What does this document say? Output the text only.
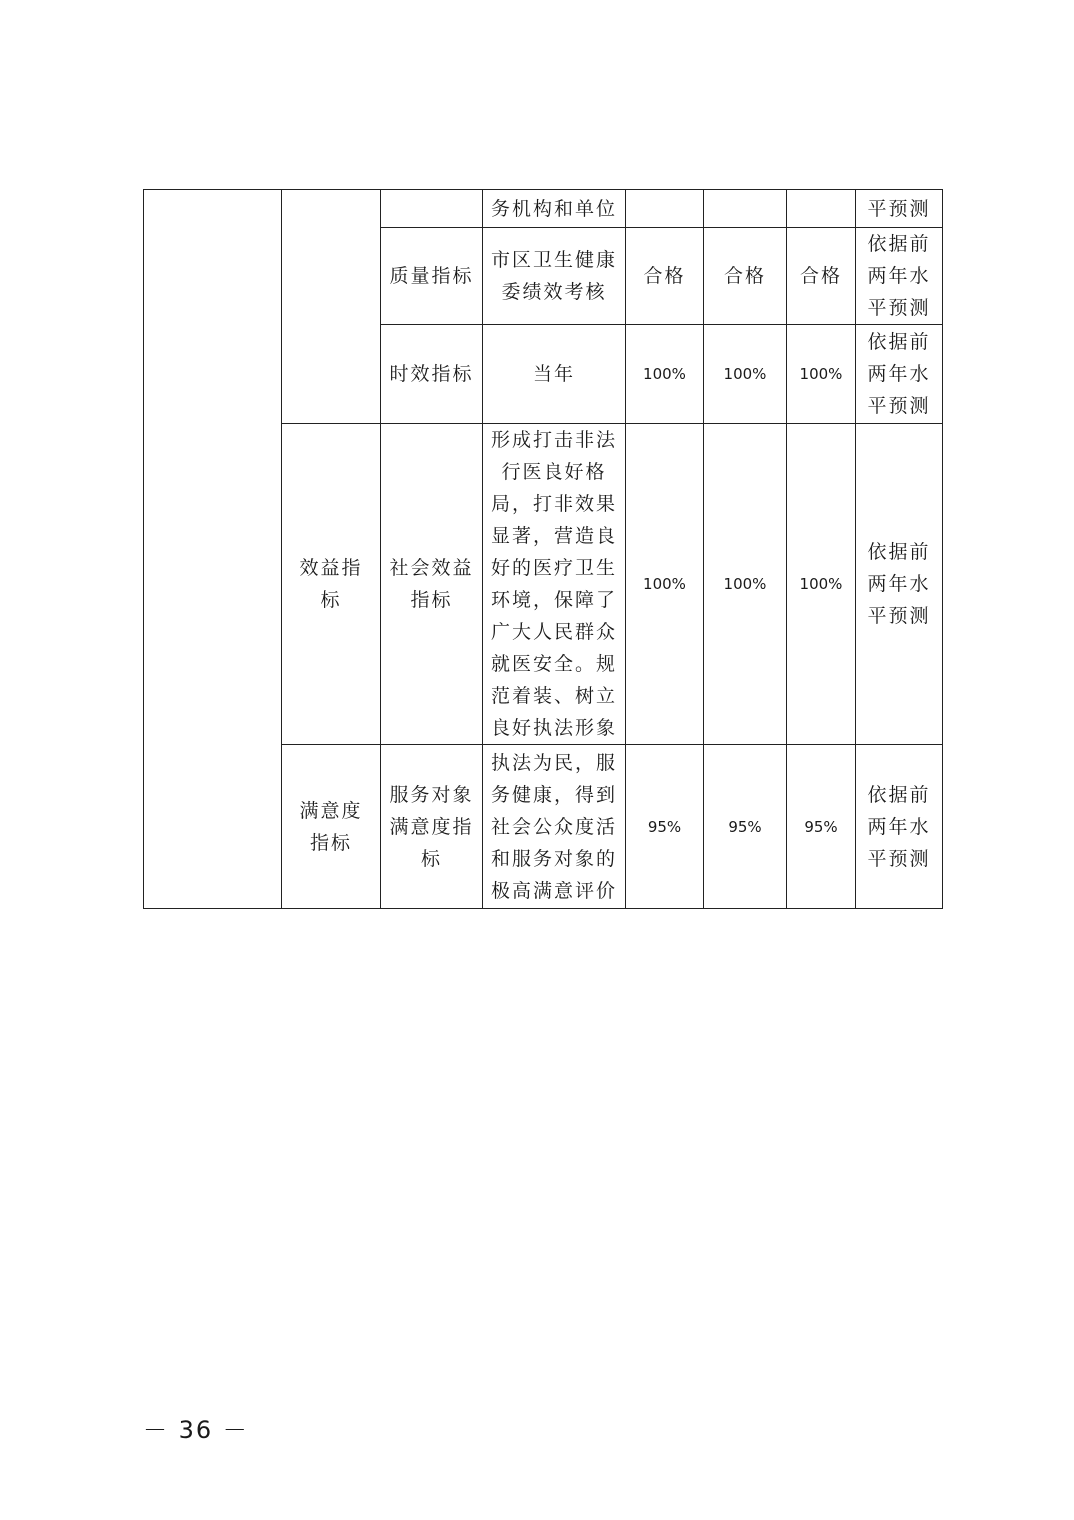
			务机构和单位				平预测
		质量指标	市区卫生健康委绩效考核	合格	合格	合格	依据前两年水平预测
		时效指标	当年	100%	100%	100%	依据前两年水平预测
	效益指标	社会效益指标	形成打击非法行医良好格局，打非效果显著，营造良好的医疗卫生环境，保障了广大人民群众就医安全。规范着装、树立良好执法形象	100%	100%	100%	依据前两年水平预测
	满意度指标	服务对象满意度指标	执法为民，服务健康，得到社会公众度活和服务对象的极高满意评价	95%	95%	95%	依据前两年水平预测
－ 36 －
